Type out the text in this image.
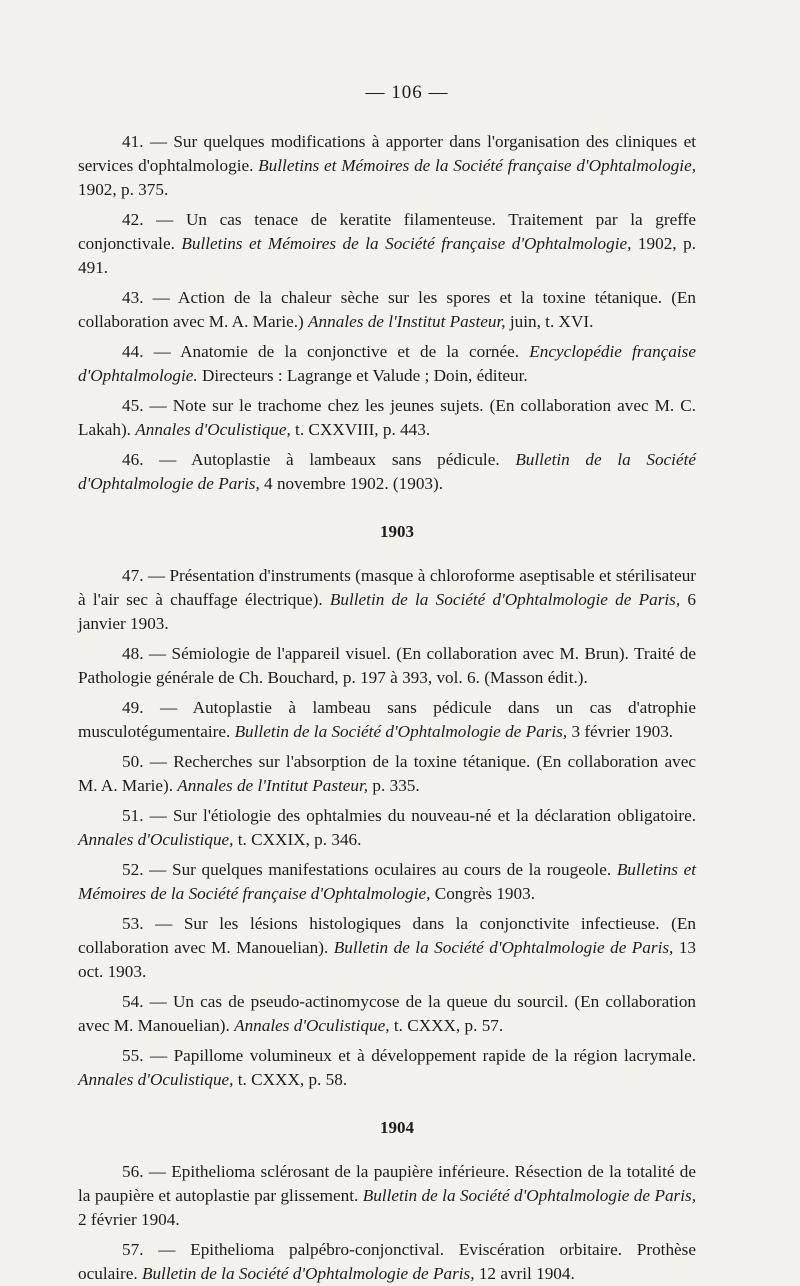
— 106 —

41. — Sur quelques modifications à apporter dans l'organisation des cliniques et services d'ophtalmologie. Bulletins et Mémoires de la Société française d'Ophtalmologie, 1902, p. 375.

42. — Un cas tenace de keratite filamenteuse. Traitement par la greffe conjonctivale. Bulletins et Mémoires de la Société française d'Ophtalmologie, 1902, p. 491.

43. — Action de la chaleur sèche sur les spores et la toxine tétanique. (En collaboration avec M. A. Marie.) Annales de l'Institut Pasteur, juin, t. XVI.

44. — Anatomie de la conjonctive et de la cornée. Encyclopédie française d'Ophtalmologie. Directeurs : Lagrange et Valude ; Doin, éditeur.

45. — Note sur le trachome chez les jeunes sujets. (En collaboration avec M. C. Lakah). Annales d'Oculistique, t. CXXVIII, p. 443.

46. — Autoplastie à lambeaux sans pédicule. Bulletin de la Société d'Ophtalmologie de Paris, 4 novembre 1902. (1903).

1903

47. — Présentation d'instruments (masque à chloroforme aseptisable et stérilisateur à l'air sec à chauffage électrique). Bulletin de la Société d'Ophtalmologie de Paris, 6 janvier 1903.

48. — Sémiologie de l'appareil visuel. (En collaboration avec M. Brun). Traité de Pathologie générale de Ch. Bouchard, p. 197 à 393, vol. 6. (Masson édit.).

49. — Autoplastie à lambeau sans pédicule dans un cas d'atrophie musculotégumentaire. Bulletin de la Société d'Ophtalmologie de Paris, 3 février 1903.

50. — Recherches sur l'absorption de la toxine tétanique. (En collaboration avec M. A. Marie). Annales de l'Intitut Pasteur, p. 335.

51. — Sur l'étiologie des ophtalmies du nouveau-né et la déclaration obligatoire. Annales d'Oculistique, t. CXXIX, p. 346.

52. — Sur quelques manifestations oculaires au cours de la rougeole. Bulletins et Mémoires de la Société française d'Ophtalmologie, Congrès 1903.

53. — Sur les lésions histologiques dans la conjonctivite infectieuse. (En collaboration avec M. Manouelian). Bulletin de la Société d'Ophtalmologie de Paris, 13 oct. 1903.

54. — Un cas de pseudo-actinomycose de la queue du sourcil. (En collaboration avec M. Manouelian). Annales d'Oculistique, t. CXXX, p. 57.

55. — Papillome volumineux et à développement rapide de la région lacrymale. Annales d'Oculistique, t. CXXX, p. 58.

1904

56. — Epithelioma sclérosant de la paupière inférieure. Résection de la totalité de la paupière et autoplastie par glissement. Bulletin de la Société d'Ophtalmologie de Paris, 2 février 1904.

57. — Epithelioma palpébro-conjonctival. Eviscération orbitaire. Prothèse oculaire. Bulletin de la Société d'Ophtalmologie de Paris, 12 avril 1904.
